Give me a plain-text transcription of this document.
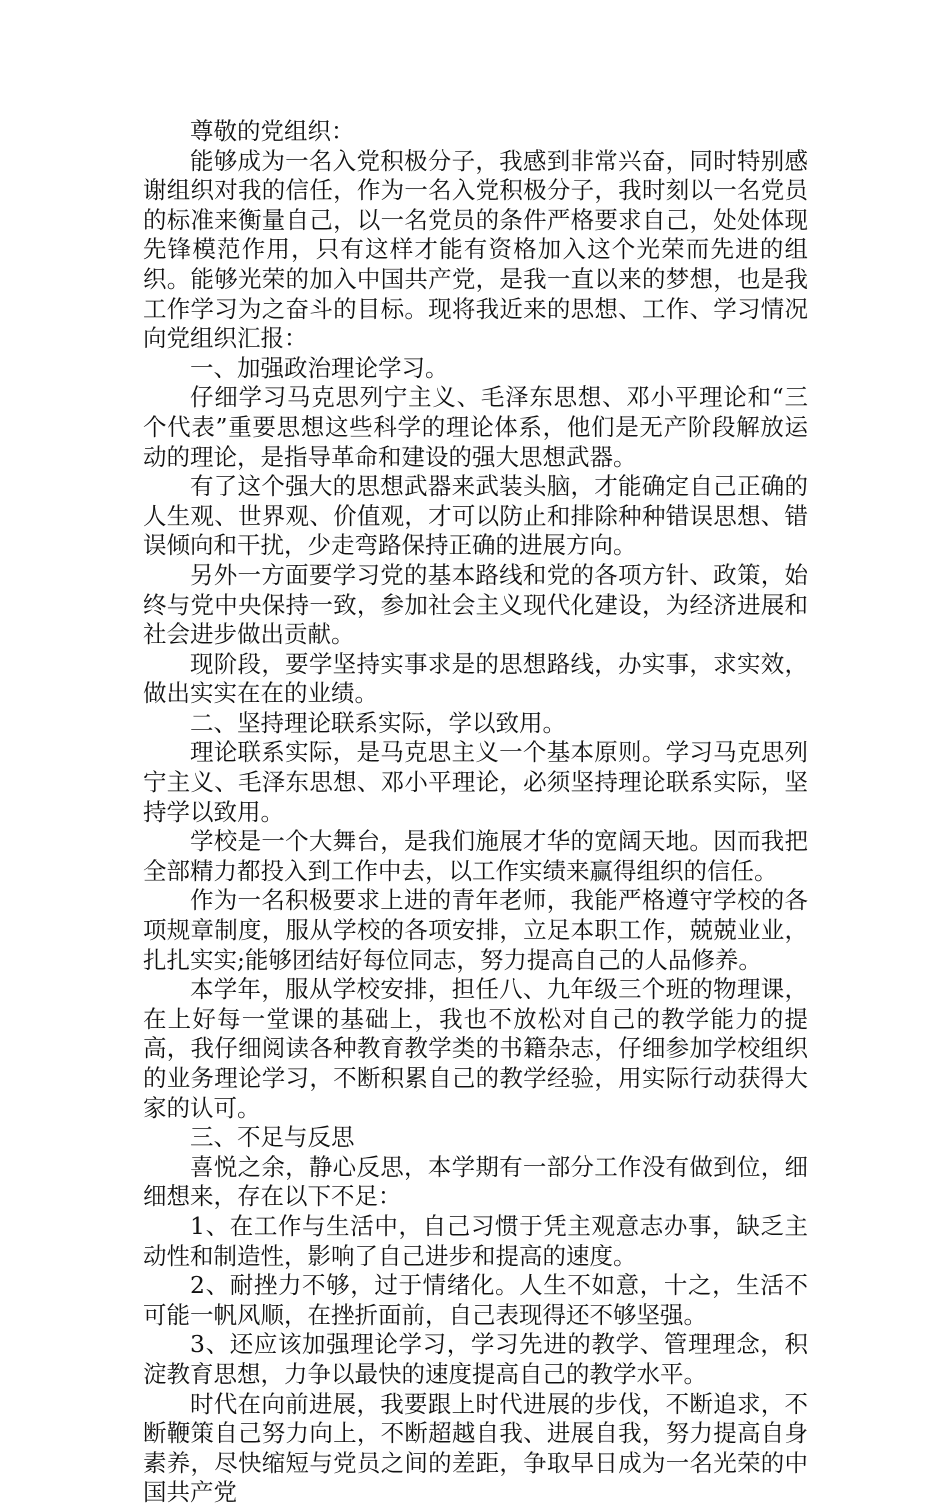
尊敬的党组织：

能够成为一名入党积极分子，我感到非常兴奋，同时特别感谢组织对我的信任，作为一名入党积极分子，我时刻以一名党员的标准来衡量自己，以一名党员的条件严格要求自己，处处体现先锋模范作用，只有这样才能有资格加入这个光荣而先进的组织。能够光荣的加入中国共产党，是我一直以来的梦想，也是我工作学习为之奋斗的目标。现将我近来的思想、工作、学习情况向党组织汇报：

一、加强政治理论学习。

仔细学习马克思列宁主义、毛泽东思想、邓小平理论和“三个代表”重要思想这些科学的理论体系，他们是无产阶段解放运动的理论，是指导革命和建设的强大思想武器。

有了这个强大的思想武器来武装头脑，才能确定自己正确的人生观、世界观、价值观，才可以防止和排除种种错误思想、错误倾向和干扰，少走弯路保持正确的进展方向。

另外一方面要学习党的基本路线和党的各项方针、政策，始终与党中央保持一致，参加社会主义现代化建设，为经济进展和社会进步做出贡献。

现阶段，要学坚持实事求是的思想路线，办实事，求实效，做出实实在在的业绩。

二、坚持理论联系实际，学以致用。

理论联系实际，是马克思主义一个基本原则。学习马克思列宁主义、毛泽东思想、邓小平理论，必须坚持理论联系实际，坚持学以致用。

学校是一个大舞台，是我们施展才华的宽阔天地。因而我把全部精力都投入到工作中去，以工作实绩来赢得组织的信任。

作为一名积极要求上进的青年老师，我能严格遵守学校的各项规章制度，服从学校的各项安排，立足本职工作，兢兢业业，扎扎实实;能够团结好每位同志，努力提高自己的人品修养。

本学年，服从学校安排，担任八、九年级三个班的物理课，在上好每一堂课的基础上，我也不放松对自己的教学能力的提高，我仔细阅读各种教育教学类的书籍杂志，仔细参加学校组织的业务理论学习，不断积累自己的教学经验，用实际行动获得大家的认可。

三、不足与反思

喜悦之余，静心反思，本学期有一部分工作没有做到位，细细想来，存在以下不足：

1、在工作与生活中，自己习惯于凭主观意志办事，缺乏主动性和制造性，影响了自己进步和提高的速度。

2、耐挫力不够，过于情绪化。人生不如意，十之，生活不可能一帆风顺，在挫折面前，自己表现得还不够坚强。

3、还应该加强理论学习，学习先进的教学、管理理念，积淀教育思想，力争以最快的速度提高自己的教学水平。

时代在向前进展，我要跟上时代进展的步伐，不断追求，不断鞭策自己努力向上，不断超越自我、进展自我，努力提高自身素养，尽快缩短与党员之间的差距，争取早日成为一名光荣的中国共产党
